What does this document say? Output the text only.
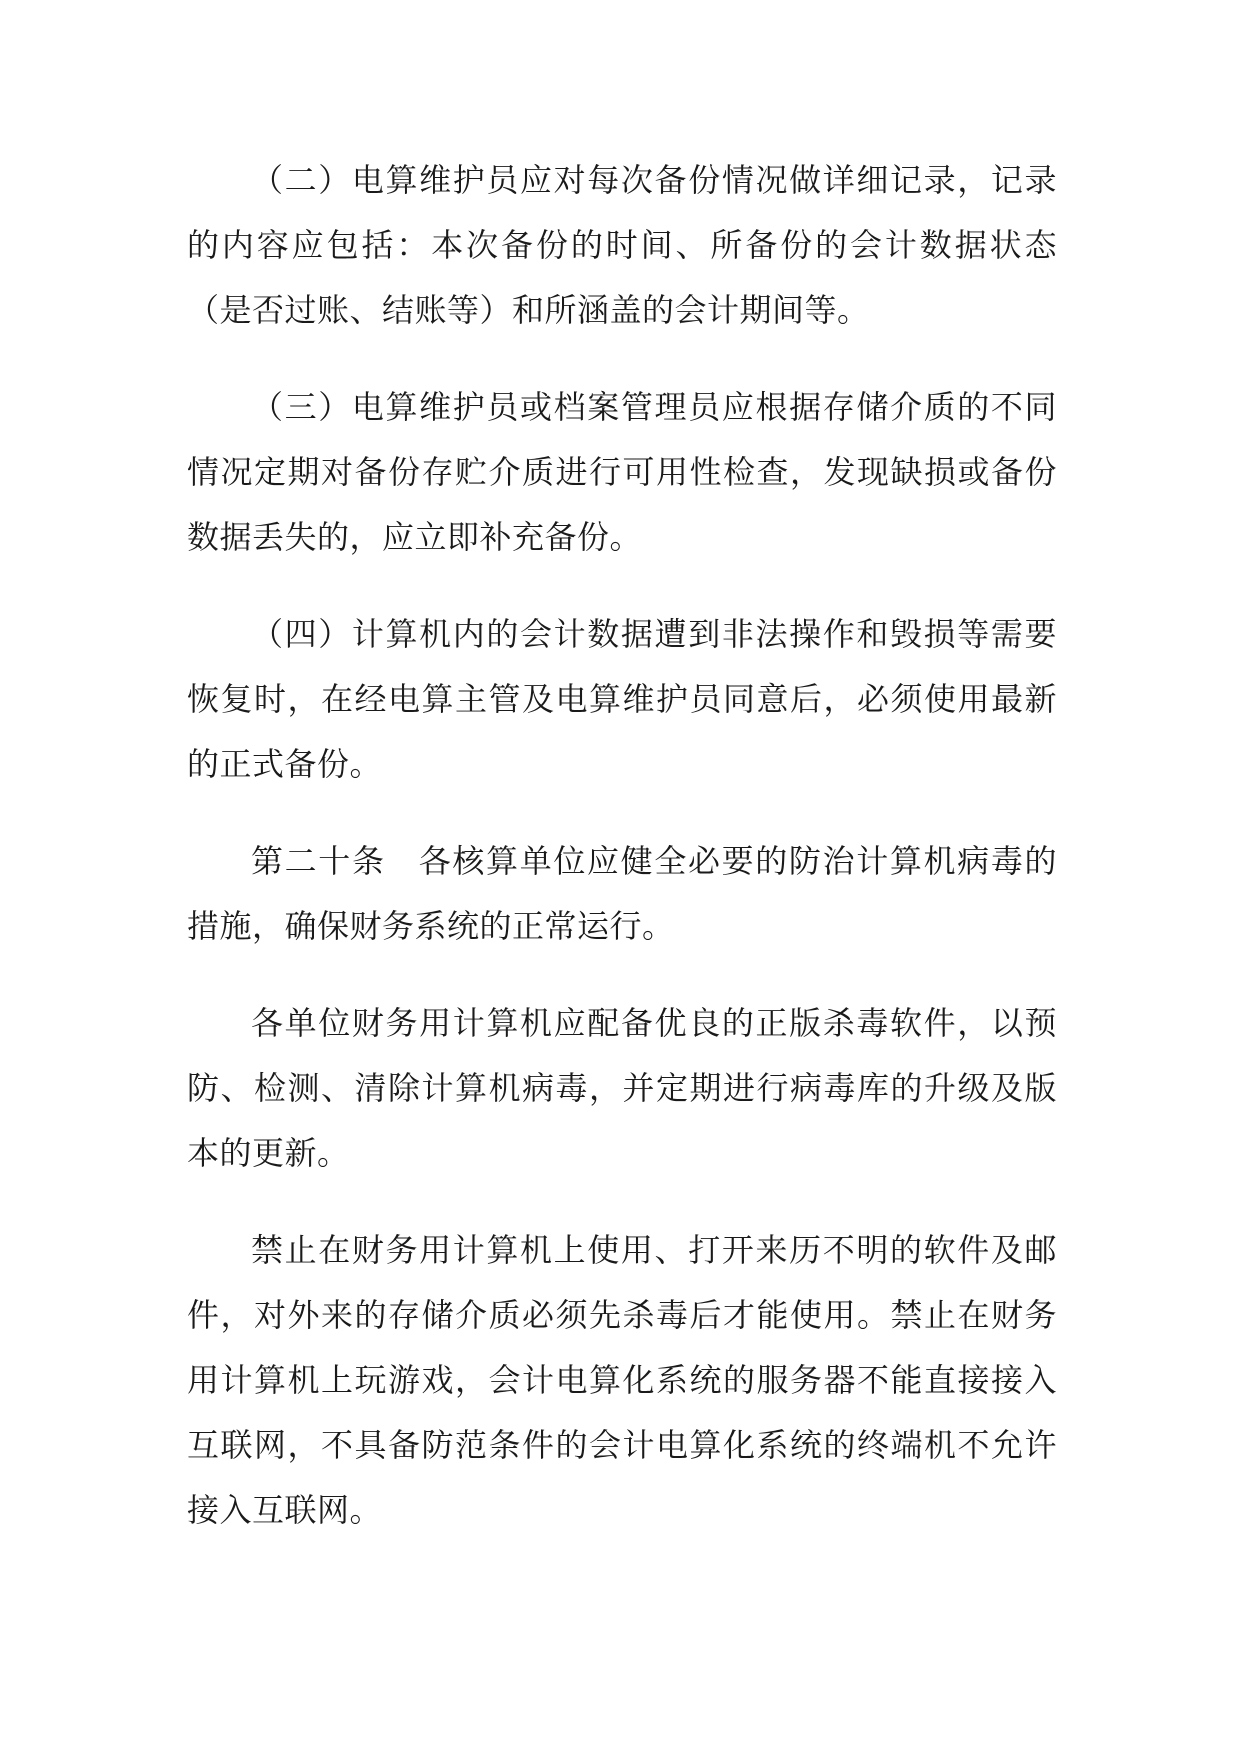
（二）电算维护员应对每次备份情况做详细记录，记录的内容应包括：本次备份的时间、所备份的会计数据状态（是否过账、结账等）和所涵盖的会计期间等。

（三）电算维护员或档案管理员应根据存储介质的不同情况定期对备份存贮介质进行可用性检查，发现缺损或备份数据丢失的，应立即补充备份。

（四）计算机内的会计数据遭到非法操作和毁损等需要恢复时，在经电算主管及电算维护员同意后，必须使用最新的正式备份。

第二十条 各核算单位应健全必要的防治计算机病毒的措施，确保财务系统的正常运行。

各单位财务用计算机应配备优良的正版杀毒软件，以预防、检测、清除计算机病毒，并定期进行病毒库的升级及版本的更新。

禁止在财务用计算机上使用、打开来历不明的软件及邮件，对外来的存储介质必须先杀毒后才能使用。禁止在财务用计算机上玩游戏，会计电算化系统的服务器不能直接接入互联网，不具备防范条件的会计电算化系统的终端机不允许接入互联网。
